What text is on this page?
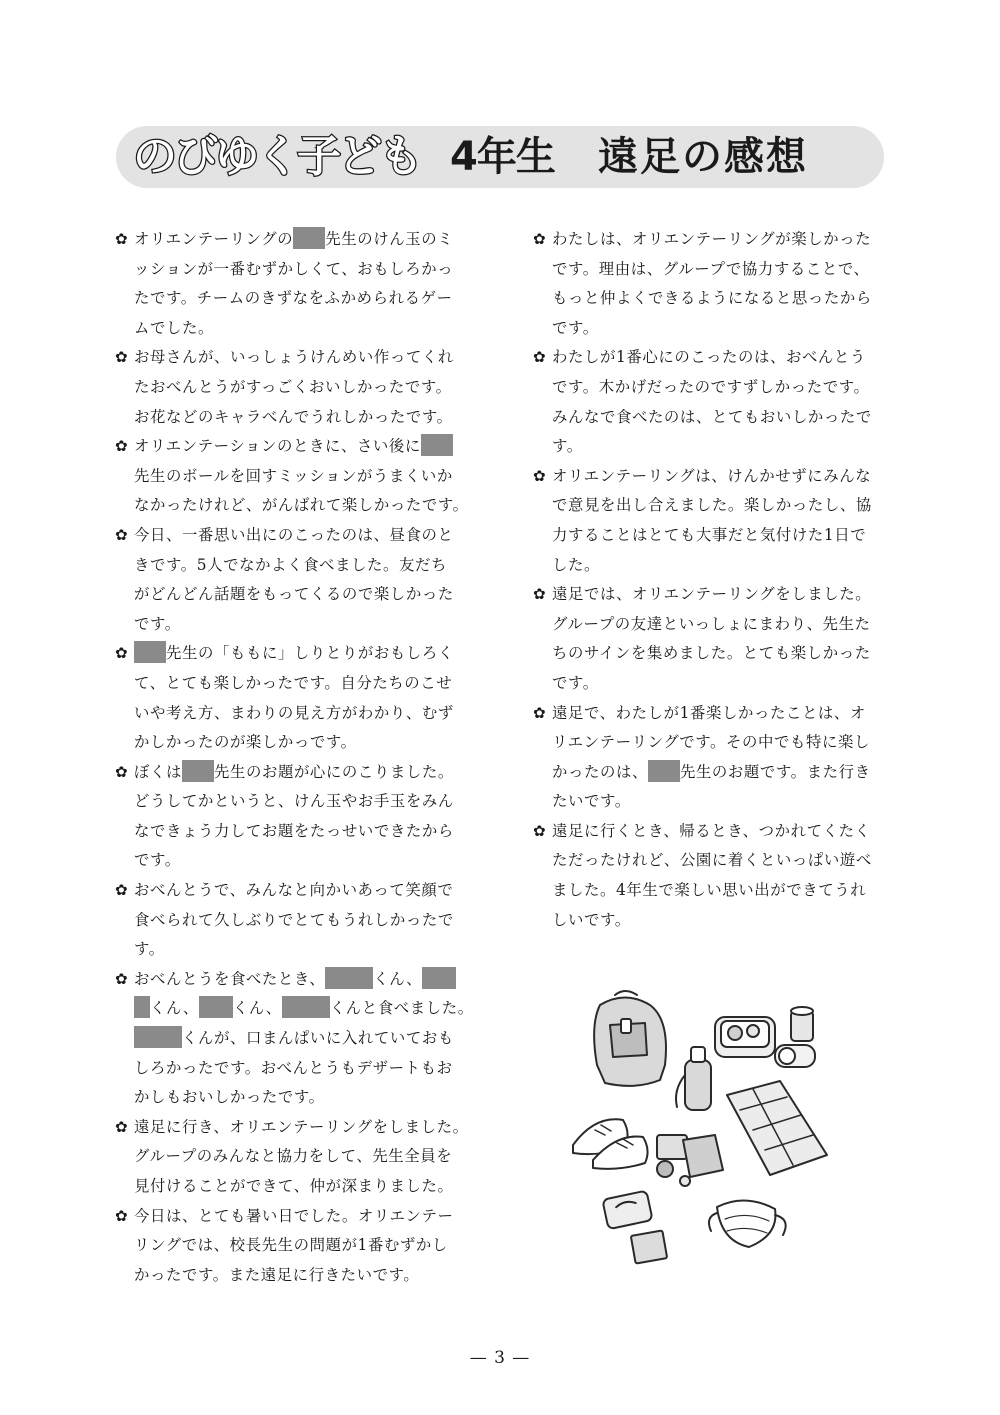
のびゆく子ども 4年生 遠足の感想
✿ オリエンテーリングの 先生のけん玉のミ

ッションが一番むずかしくて、おもしろかっ

たです。チームのきずなをふかめられるゲー

ムでした。

✿ お母さんが、いっしょうけんめい作ってくれ

たおべんとうがすっごくおいしかったです。

お花などのキャラべんでうれしかったです。

✿ オリエンテーションのときに、さい後に

先生のボールを回すミッションがうまくいか

なかったけれど、がんばれて楽しかったです。

✿ 今日、一番思い出にのこったのは、昼食のと

きです。5人でなかよく食べました。友だち

がどんどん話題をもってくるので楽しかった

です。

✿	先生の「ももに」しりとりがおもしろく

て、とても楽しかったです。自分たちのこせ

いや考え方、まわりの見え方がわかり、むず

かしかったのが楽しかっです。

✿ ぼくは 先生のお題が心にのこりました。

どうしてかというと、けん玉やお手玉をみん

なできょう力してお題をたっせいできたから

です。

✿ おべんとうで、みんなと向かいあって笑顔で

食べられて久しぶりでとてもうれしかったで

す。

✿ おべんとうを食べたとき、	くん、

くん、 くん、	くんと食べました。

くんが、口まんぱいに入れていておも

しろかったです。おべんとうもデザートもお

かしもおいしかったです。

✿ 遠足に行き、オリエンテーリングをしました。

グループのみんなと協力をして、先生全員を

見付けることができて、仲が深まりました。

✿ 今日は、とても暑い日でした。オリエンテー

リングでは、校長先生の問題が1番むずかし

かったです。また遠足に行きたいです。

✿ わたしは、オリエンテーリングが楽しかった

です。理由は、グループで協力することで、

もっと仲よくできるようになると思ったから

です。

✿ わたしが1番心にのこったのは、おべんとう

です。木かげだったのですずしかったです。

みんなで食べたのは、とてもおいしかったで

す。

✿ オリエンテーリングは、けんかせずにみんな

で意見を出し合えました。楽しかったし、協

力することはとても大事だと気付けた1日で

した。

✿ 遠足では、オリエンテーリングをしました。

グループの友達といっしょにまわり、先生た

ちのサインを集めました。とても楽しかった

です。

✿ 遠足で、わたしが1番楽しかったことは、オ

リエンテーリングです。その中でも特に楽し

かったのは、 先生のお題です。また行き

たいです。

✿ 遠足に行くとき、帰るとき、つかれてくたく

ただったけれど、公園に着くといっぱい遊べ

ました。4年生で楽しい思い出ができてうれ

しいです。

— 3 —
